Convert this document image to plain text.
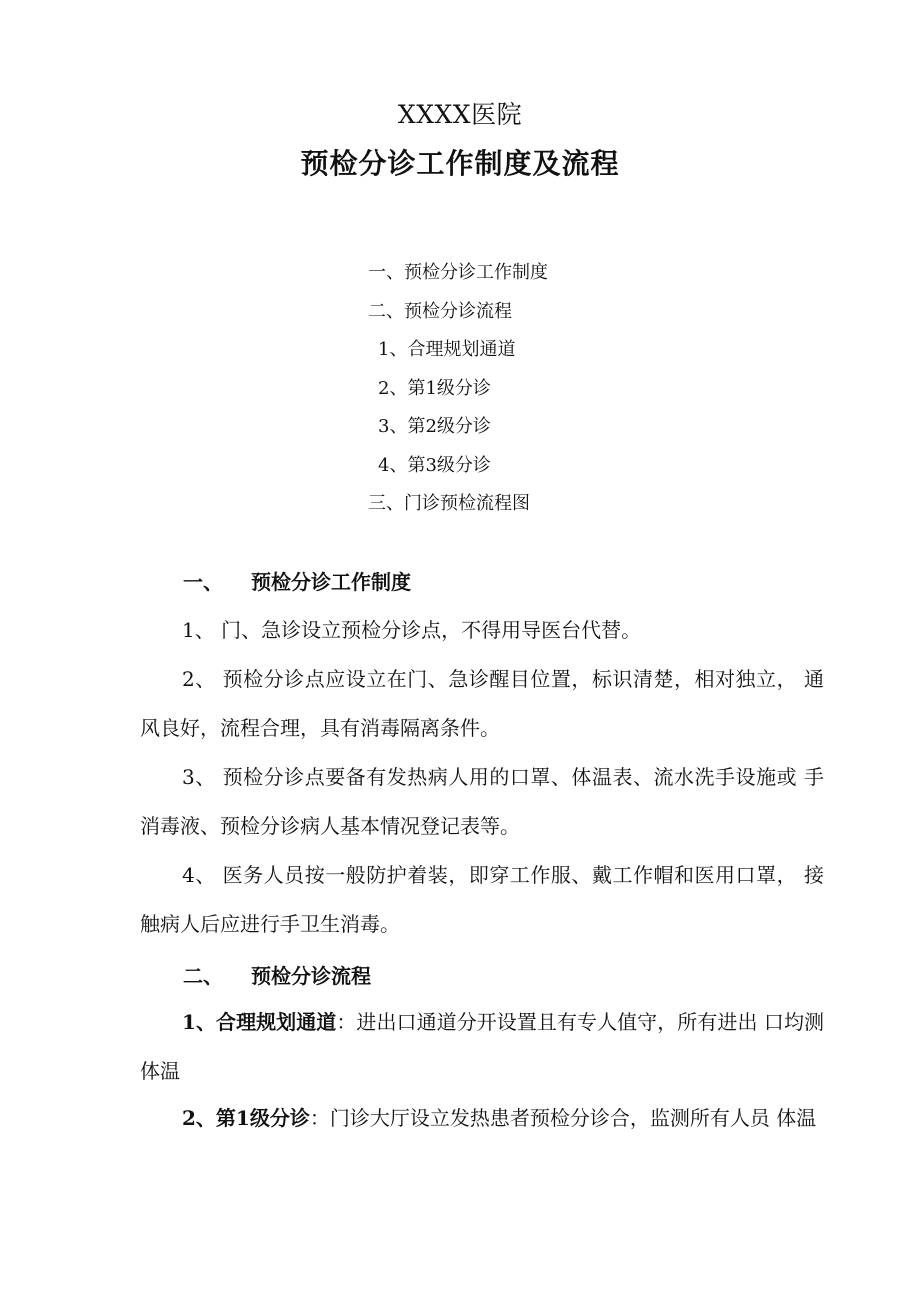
XXXX医院
预检分诊工作制度及流程
一、预检分诊工作制度
二、预检分诊流程
1、合理规划通道
2、第1级分诊
3、第2级分诊
4、第3级分诊
三、门诊预检流程图
一、 预检分诊工作制度
1、 门、急诊设立预检分诊点，不得用导医台代替。
2、 预检分诊点应设立在门、急诊醒目位置，标识清楚，相对独立， 通风良好，流程合理，具有消毒隔离条件。
3、 预检分诊点要备有发热病人用的口罩、体温表、流水洗手设施或 手消毒液、预检分诊病人基本情况登记表等。
4、 医务人员按一般防护着装，即穿工作服、戴工作帽和医用口罩， 接触病人后应进行手卫生消毒。
二、 预检分诊流程
1、合理规划通道：进出口通道分开设置且有专人值守，所有进出 口均测体温
2、第1级分诊：门诊大厅设立发热患者预检分诊合，监测所有人员 体温
